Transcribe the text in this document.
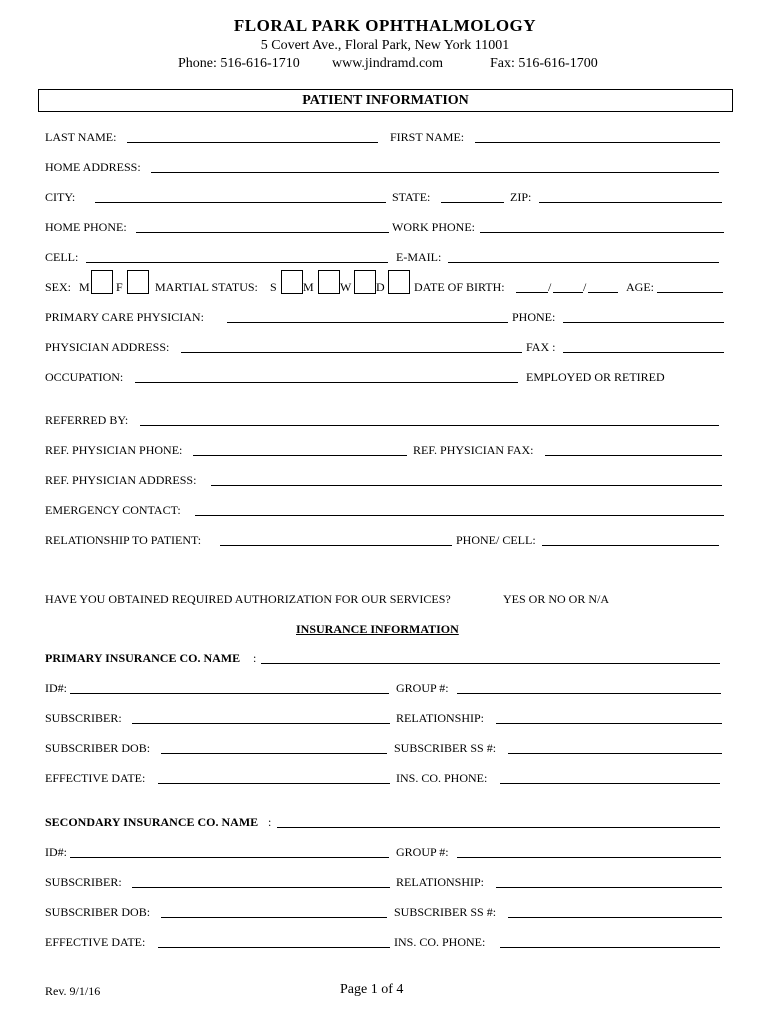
FLORAL PARK OPHTHALMOLOGY
5 Covert Ave., Floral Park, New York 11001
Phone: 516-616-1710 www.jindramd.com	Fax: 516-616-1700
PATIENT INFORMATION
LAST NAME:	FIRST NAME:
HOME ADDRESS:
CITY:	STATE:	ZIP:
HOME PHONE:	WORK PHONE:
CELL:	E-MAIL:
SEX: M F	MARTIAL STATUS: S M W D DATE OF BIRTH:	/	/	AGE:
PRIMARY CARE PHYSICIAN:	PHONE:
PHYSICIAN ADDRESS:	FAX :
OCCUPATION:	EMPLOYED OR RETIRED
REFERRED BY:
REF. PHYSICIAN PHONE:	REF. PHYSICIAN FAX:
REF. PHYSICIAN ADDRESS:
EMERGENCY CONTACT:
RELATIONSHIP TO PATIENT:	PHONE/ CELL:
HAVE YOU OBTAINED REQUIRED AUTHORIZATION FOR OUR SERVICES?	YES OR NO OR N/A
INSURANCE INFORMATION
PRIMARY INSURANCE CO. NAME :
ID#:	GROUP #:
SUBSCRIBER:	RELATIONSHIP:
SUBSCRIBER DOB:	SUBSCRIBER SS #:
EFFECTIVE DATE:	INS. CO. PHONE:
SECONDARY INSURANCE CO. NAME :
ID#:	GROUP #:
SUBSCRIBER:	RELATIONSHIP:
SUBSCRIBER DOB:	SUBSCRIBER SS #:
EFFECTIVE DATE:	INS. CO. PHONE:
Rev. 9/1/16	Page 1 of 4
